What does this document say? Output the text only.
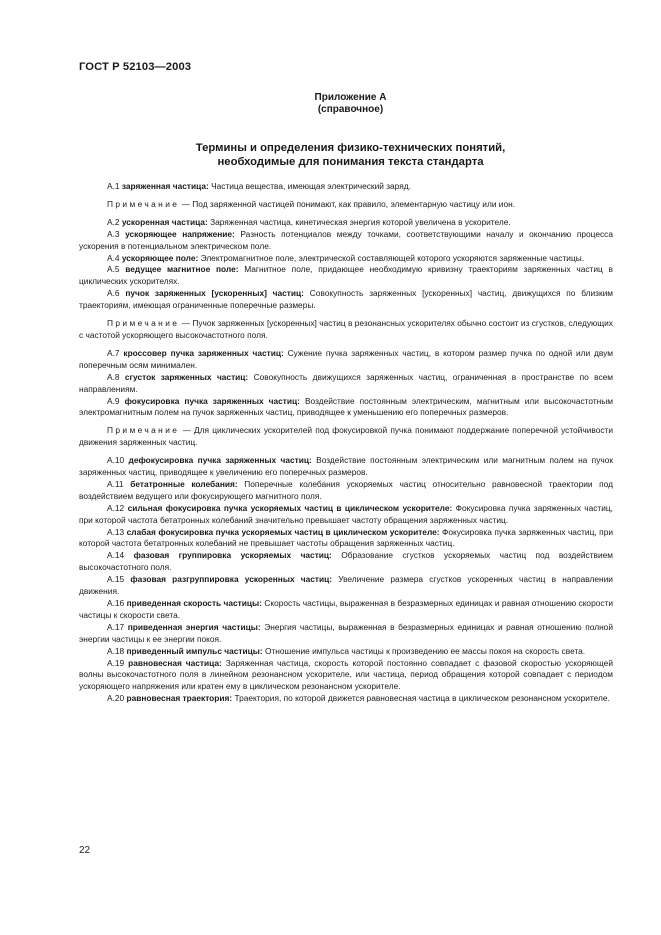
ГОСТ Р 52103—2003
Приложение А
(справочное)
Термины и определения физико-технических понятий,
необходимые для понимания текста стандарта

А.1 заряженная частица: Частица вещества, имеющая электрический заряд.

Примечание — Под заряженной частицей понимают, как правило, элементарную частицу или ион.

А.2 ускоренная частица: Заряженная частица, кинетическая энергия которой увеличена в ускорителе.

А.3 ускоряющее напряжение: Разность потенциалов между точками, соответствующими началу и окончанию процесса ускорения в потенциальном электрическом поле.

А.4 ускоряющее поле: Электромагнитное поле, электрической составляющей которого ускоряются заряженные частицы.

А.5 ведущее магнитное поле: Магнитное поле, придающее необходимую кривизну траекториям заряженных частиц в циклических ускорителях.

А.6 пучок заряженных [ускоренных] частиц: Совокупность заряженных [ускоренных] частиц, движущихся по близким траекториям, имеющая ограниченные поперечные размеры.

Примечание — Пучок заряженных [ускоренных] частиц в резонансных ускорителях обычно состоит из сгустков, следующих с частотой ускоряющего высокочастотного поля.

А.7 кроссовер пучка заряженных частиц: Сужение пучка заряженных частиц, в котором размер пучка по одной или двум поперечным осям минимален.

А.8 сгусток заряженных частиц: Совокупность движущихся заряженных частиц, ограниченная в пространстве по всем направлениям.

А.9 фокусировка пучка заряженных частиц: Воздействие постоянным электрическим, магнитным или высокочастотным электромагнитным полем на пучок заряженных частиц, приводящее к уменьшению его поперечных размеров.

Примечание — Для циклических ускорителей под фокусировкой пучка понимают поддержание поперечной устойчивости движения заряженных частиц.

А.10 дефокусировка пучка заряженных частиц: Воздействие постоянным электрическим или магнитным полем на пучок заряженных частиц, приводящее к увеличению его поперечных размеров.

А.11 бетатронные колебания: Поперечные колебания ускоряемых частиц относительно равновесной траектории под воздействием ведущего или фокусирующего магнитного поля.

А.12 сильная фокусировка пучка ускоряемых частиц в циклическом ускорителе: Фокусировка пучка заряженных частиц, при которой частота бетатронных колебаний значительно превышает частоту обращения заряженных частиц.

А.13 слабая фокусировка пучка ускоряемых частиц в циклическом ускорителе: Фокусировка пучка заряженных частиц, при которой частота бетатронных колебаний не превышает частоты обращения заряженных частиц.

А.14 фазовая группировка ускоряемых частиц: Образование сгустков ускоряемых частиц под воздействием высокочастотного поля.

А.15 фазовая разгруппировка ускоренных частиц: Увеличение размера сгустков ускоренных частиц в направлении движения.

А.16 приведенная скорость частицы: Скорость частицы, выраженная в безразмерных единицах и равная отношению скорости частицы к скорости света.

А.17 приведенная энергия частицы: Энергия частицы, выраженная в безразмерных единицах и равная отношению полной энергии частицы к ее энергии покоя.

А.18 приведенный импульс частицы: Отношение импульса частицы к произведению ее массы покоя на скорость света.

А.19 равновесная частица: Заряженная частица, скорость которой постоянно совпадает с фазовой скоростью ускоряющей волны высокочастотного поля в линейном резонансном ускорителе, или частица, период обращения которой совпадает с периодом ускоряющего напряжения или кратен ему в циклическом резонансном ускорителе.

А.20 равновесная траектория: Траектория, по которой движется равновесная частица в циклическом резонансном ускорителе.

22
